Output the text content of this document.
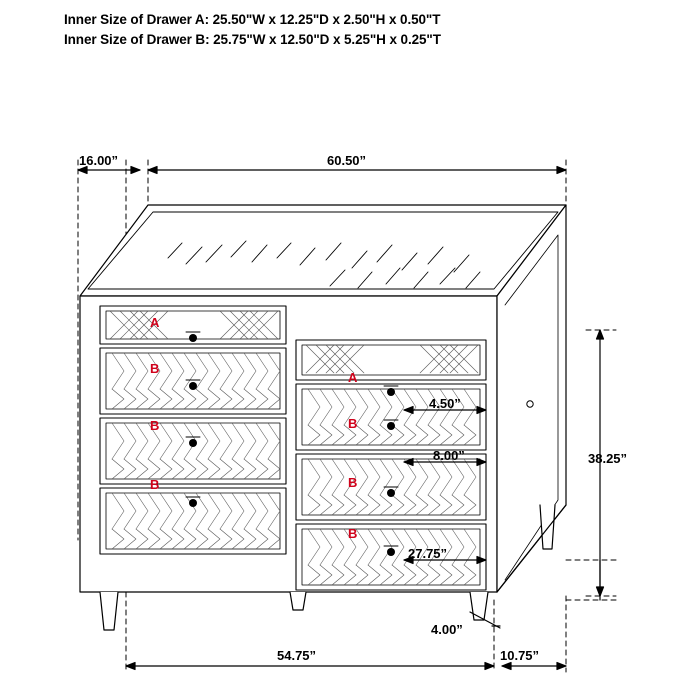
Inner Size of Drawer A: 25.50"W x 12.25"D x 2.50"H x 0.50"T
Inner Size of Drawer B: 25.75"W x 12.50"D x 5.25"H x 0.25"T
16.00”	60.50”
4.50”
8.00”
27.75”
38.25”
4.00”
54.75”	10.75”
A
B
B
B
A
B
B
B
